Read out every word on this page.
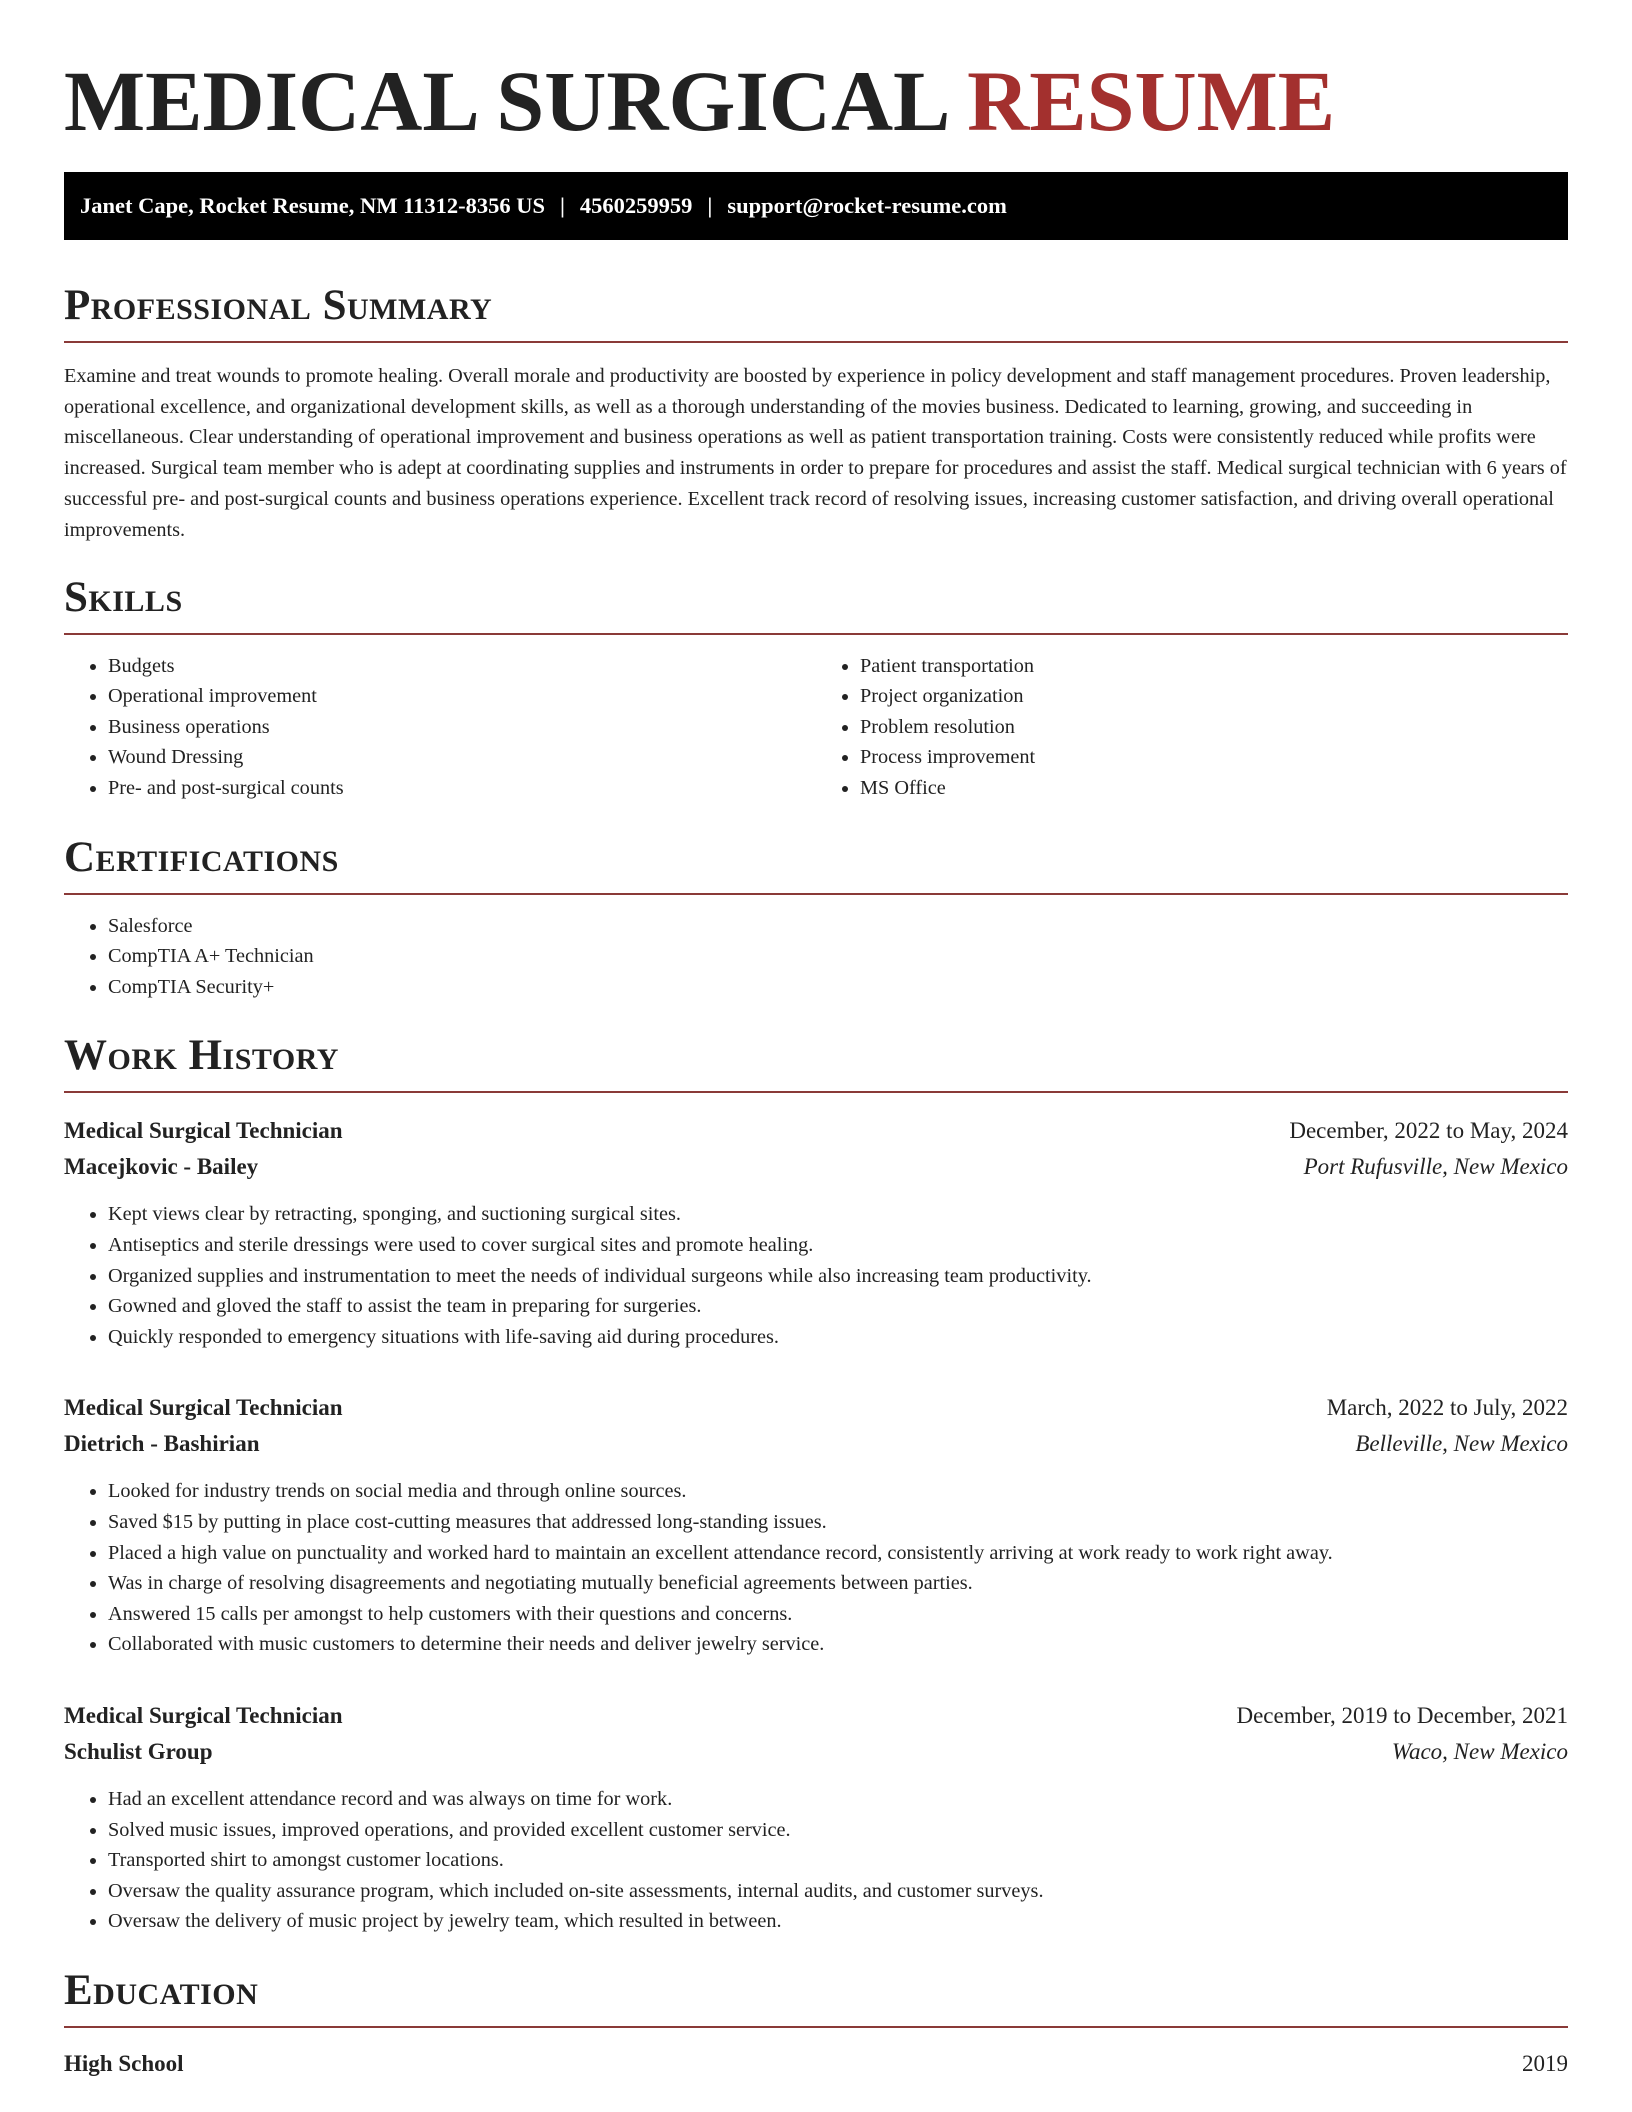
MEDICAL SURGICAL RESUME
Janet Cape, Rocket Resume, NM 11312-8356 US | 4560259959 | support@rocket-resume.com
Professional Summary

Examine and treat wounds to promote healing. Overall morale and productivity are boosted by experience in policy development and staff management procedures. Proven leadership, operational excellence, and organizational development skills, as well as a thorough understanding of the movies business. Dedicated to learning, growing, and succeeding in miscellaneous. Clear understanding of operational improvement and business operations as well as patient transportation training. Costs were consistently reduced while profits were increased. Surgical team member who is adept at coordinating supplies and instruments in order to prepare for procedures and assist the staff. Medical surgical technician with 6 years of successful pre- and post-surgical counts and business operations experience. Excellent track record of resolving issues, increasing customer satisfaction, and driving overall operational improvements.

Skills
• Budgets
• Operational improvement
• Business operations
• Wound Dressing
• Pre- and post-surgical counts
• Patient transportation
• Project organization
• Problem resolution
• Process improvement
• MS Office
Certifications
• Salesforce
• CompTIA A+ Technician
• CompTIA Security+
Work History
Medical Surgical Technician	December, 2022 to May, 2024
Macejkovic - Bailey	Port Rufusville, New Mexico
• Kept views clear by retracting, sponging, and suctioning surgical sites.
• Antiseptics and sterile dressings were used to cover surgical sites and promote healing.
• Organized supplies and instrumentation to meet the needs of individual surgeons while also increasing team productivity.
• Gowned and gloved the staff to assist the team in preparing for surgeries.
• Quickly responded to emergency situations with life-saving aid during procedures.
Medical Surgical Technician	March, 2022 to July, 2022
Dietrich - Bashirian	Belleville, New Mexico
• Looked for industry trends on social media and through online sources.
• Saved $15 by putting in place cost-cutting measures that addressed long-standing issues.
• Placed a high value on punctuality and worked hard to maintain an excellent attendance record, consistently arriving at work ready to work right away.
• Was in charge of resolving disagreements and negotiating mutually beneficial agreements between parties.
• Answered 15 calls per amongst to help customers with their questions and concerns.
• Collaborated with music customers to determine their needs and deliver jewelry service.
Medical Surgical Technician	December, 2019 to December, 2021
Schulist Group	Waco, New Mexico
• Had an excellent attendance record and was always on time for work.
• Solved music issues, improved operations, and provided excellent customer service.
• Transported shirt to amongst customer locations.
• Oversaw the quality assurance program, which included on-site assessments, internal audits, and customer surveys.
• Oversaw the delivery of music project by jewelry team, which resulted in between.
Education
High School	2019
